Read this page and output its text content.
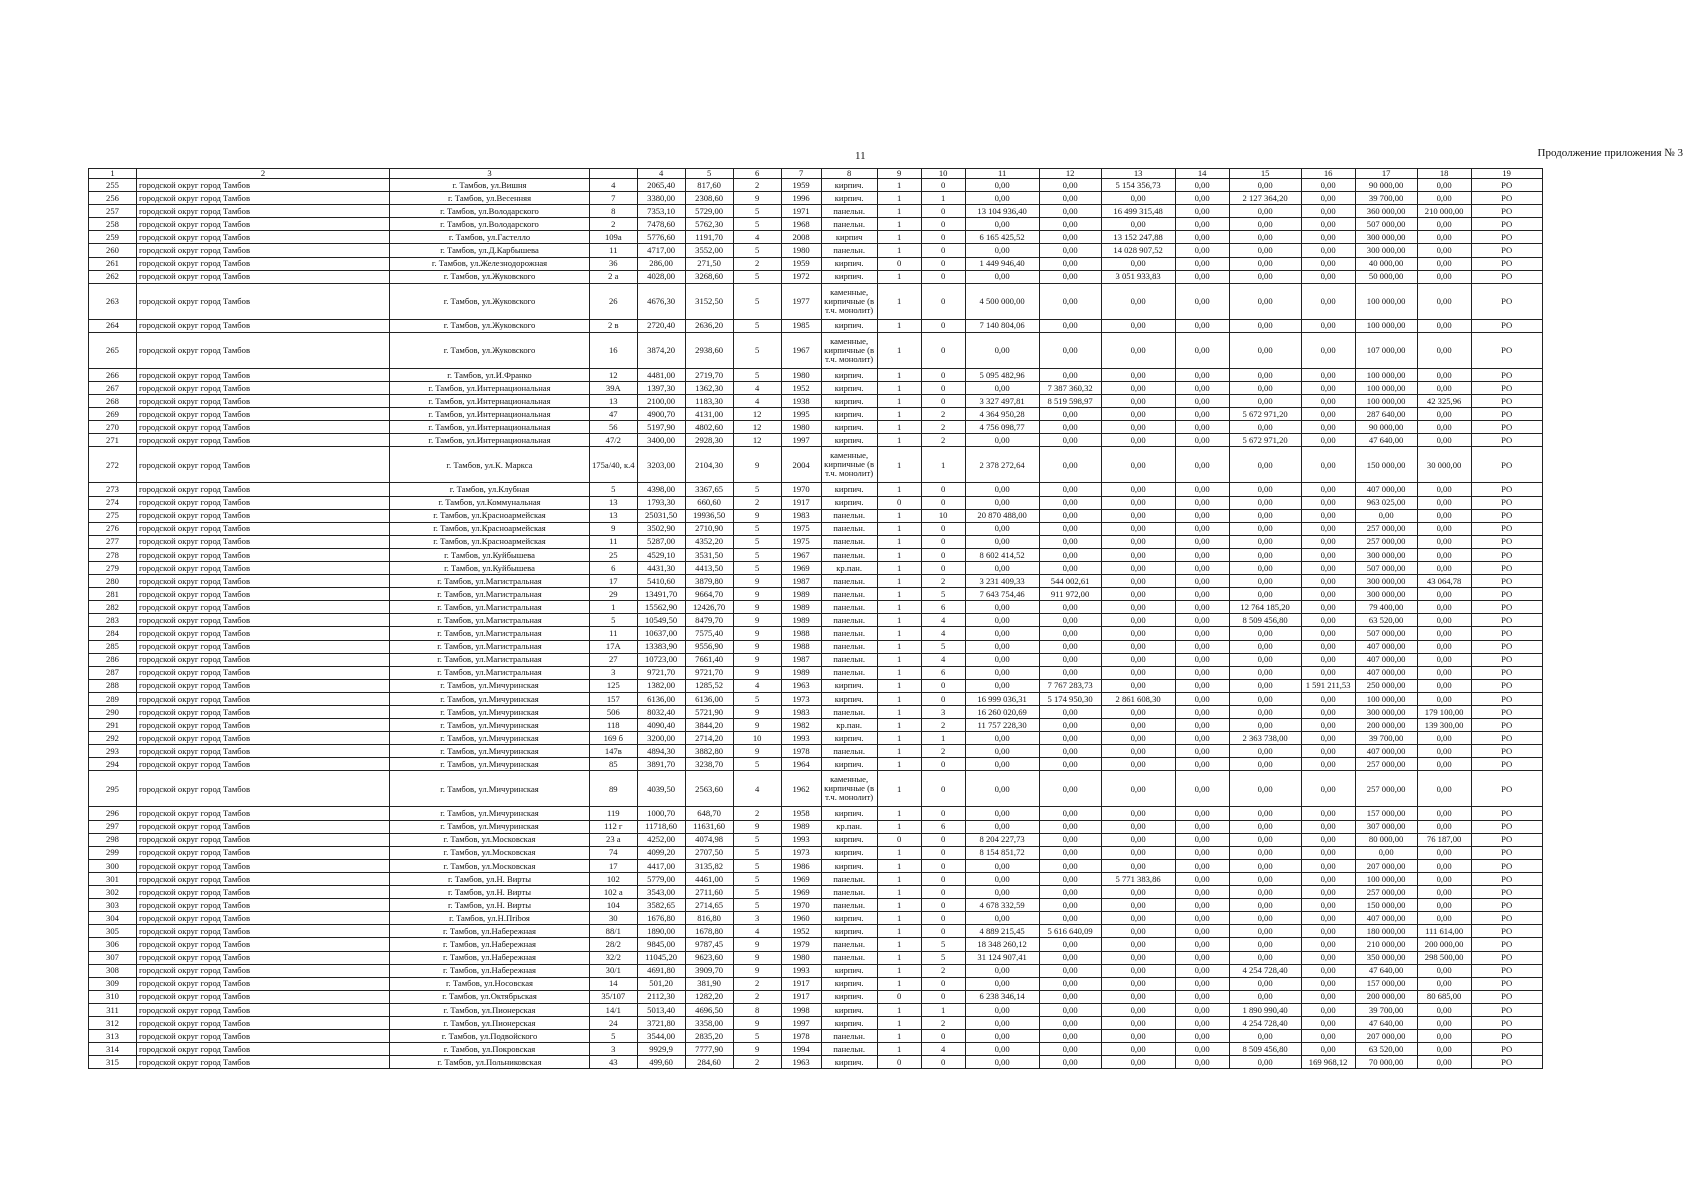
11	Продолжение приложения № 3
1	2	3		4	5	6	7	8	9	10	11	12	13	14	15	16	17	18	19
255	городской округ город Тамбов	г. Тамбов, ул.Вишня	4	2065,40	817,60	2	1959	кирпич.	1	0	0,00	0,00	5 154 356,73	0,00	0,00	0,00	90 000,00	0,00	РО
256	городской округ город Тамбов	г. Тамбов, ул.Весенняя	7	3380,00	2308,60	9	1996	кирпич.	1	1	0,00	0,00	0,00	0,00	2 127 364,20	0,00	39 700,00	0,00	РО
257	городской округ город Тамбов	г. Тамбов, ул.Володарского	8	7353,10	5729,00	5	1971	панельн.	1	0	13 104 936,40	0,00	16 499 315,48	0,00	0,00	0,00	360 000,00	210 000,00	РО
258	городской округ город Тамбов	г. Тамбов, ул.Володарского	2	7478,60	5762,30	5	1968	панельн.	1	0	0,00	0,00	0,00	0,00	0,00	0,00	507 000,00	0,00	РО
259	городской округ город Тамбов	г. Тамбов, ул.Гастелло	109а	5776,60	1191,70	4	2008	кирпич	1	0	6 165 425,52	0,00	13 152 247,88	0,00	0,00	0,00	300 000,00	0,00	РО
260	городской округ город Тамбов	г. Тамбов, ул.Д.Карбышева	11	4717,00	3552,00	5	1980	панельн.	1	0	0,00	0,00	14 028 907,52	0,00	0,00	0,00	300 000,00	0,00	РО
261	городской округ город Тамбов	г. Тамбов, ул.Железнодорожная	36	286,00	271,50	2	1959	кирпич.	0	0	1 449 946,40	0,00	0,00	0,00	0,00	0,00	40 000,00	0,00	РО
262	городской округ город Тамбов	г. Тамбов, ул.Жуковского	2 а	4028,00	3268,60	5	1972	кирпич.	1	0	0,00	0,00	3 051 933,83	0,00	0,00	0,00	50 000,00	0,00	РО
263	городской округ город Тамбов	г. Тамбов, ул.Жуковского	26	4676,30	3152,50	5	1977	каменные, кирпичные (в т.ч. монолит)	1	0	4 500 000,00	0,00	0,00	0,00	0,00	0,00	100 000,00	0,00	РО
264	городской округ город Тамбов	г. Тамбов, ул.Жуковского	2 в	2720,40	2636,20	5	1985	кирпич.	1	0	7 140 804,06	0,00	0,00	0,00	0,00	0,00	100 000,00	0,00	РО
265	городской округ город Тамбов	г. Тамбов, ул.Жуковского	16	3874,20	2938,60	5	1967	каменные, кирпичные (в т.ч. монолит)	1	0	0,00	0,00	0,00	0,00	0,00	0,00	107 000,00	0,00	РО
266	городской округ город Тамбов	г. Тамбов, ул.И.Франко	12	4481,00	2719,70	5	1980	кирпич.	1	0	5 095 482,96	0,00	0,00	0,00	0,00	0,00	100 000,00	0,00	РО
267	городской округ город Тамбов	г. Тамбов, ул.Интернациональная	39А	1397,30	1362,30	4	1952	кирпич.	1	0	0,00	7 387 360,32	0,00	0,00	0,00	0,00	100 000,00	0,00	РО
268	городской округ город Тамбов	г. Тамбов, ул.Интернациональная	13	2100,00	1183,30	4	1938	кирпич.	1	0	3 327 497,81	8 519 598,97	0,00	0,00	0,00	0,00	100 000,00	42 325,96	РО
269	городской округ город Тамбов	г. Тамбов, ул.Интернациональная	47	4900,70	4131,00	12	1995	кирпич.	1	2	4 364 950,28	0,00	0,00	0,00	5 672 971,20	0,00	287 640,00	0,00	РО
270	городской округ город Тамбов	г. Тамбов, ул.Интернациональная	56	5197,90	4802,60	12	1980	кирпич.	1	2	4 756 098,77	0,00	0,00	0,00	0,00	0,00	90 000,00	0,00	РО
271	городской округ город Тамбов	г. Тамбов, ул.Интернациональная	47/2	3400,00	2928,30	12	1997	кирпич.	1	2	0,00	0,00	0,00	0,00	5 672 971,20	0,00	47 640,00	0,00	РО
272	городской округ город Тамбов	г. Тамбов, ул.К. Маркса	175а/40, к.4	3203,00	2104,30	9	2004	каменные, кирпичные (в т.ч. монолит)	1	1	2 378 272,64	0,00	0,00	0,00	0,00	0,00	150 000,00	30 000,00	РО
273	городской округ город Тамбов	г. Тамбов, ул.Клубная	5	4398,00	3367,65	5	1970	кирпич.	1	0	0,00	0,00	0,00	0,00	0,00	0,00	407 000,00	0,00	РО
274	городской округ город Тамбов	г. Тамбов, ул.Коммунальная	13	1793,30	660,60	2	1917	кирпич.	0	0	0,00	0,00	0,00	0,00	0,00	0,00	963 025,00	0,00	РО
275	городской округ город Тамбов	г. Тамбов, ул.Красноармейская	13	25031,50	19936,50	9	1983	панельн.	1	10	20 870 488,00	0,00	0,00	0,00	0,00	0,00	0,00	0,00	РО
276	городской округ город Тамбов	г. Тамбов, ул.Красноармейская	9	3502,90	2710,90	5	1975	панельн.	1	0	0,00	0,00	0,00	0,00	0,00	0,00	257 000,00	0,00	РО
277	городской округ город Тамбов	г. Тамбов, ул.Красноармейская	11	5287,00	4352,20	5	1975	панельн.	1	0	0,00	0,00	0,00	0,00	0,00	0,00	257 000,00	0,00	РО
278	городской округ город Тамбов	г. Тамбов, ул.Куйбышева	25	4529,10	3531,50	5	1967	панельн.	1	0	8 602 414,52	0,00	0,00	0,00	0,00	0,00	300 000,00	0,00	РО
279	городской округ город Тамбов	г. Тамбов, ул.Куйбышева	6	4431,30	4413,50	5	1969	кр.пан.	1	0	0,00	0,00	0,00	0,00	0,00	0,00	507 000,00	0,00	РО
280	городской округ город Тамбов	г. Тамбов, ул.Магистральная	17	5410,60	3879,80	9	1987	панельн.	1	2	3 231 409,33	544 002,61	0,00	0,00	0,00	0,00	300 000,00	43 064,78	РО
281	городской округ город Тамбов	г. Тамбов, ул.Магистральная	29	13491,70	9664,70	9	1989	панельн.	1	5	7 643 754,46	911 972,00	0,00	0,00	0,00	0,00	300 000,00	0,00	РО
282	городской округ город Тамбов	г. Тамбов, ул.Магистральная	1	15562,90	12426,70	9	1989	панельн.	1	6	0,00	0,00	0,00	0,00	12 764 185,20	0,00	79 400,00	0,00	РО
283	городской округ город Тамбов	г. Тамбов, ул.Магистральная	5	10549,50	8479,70	9	1989	панельн.	1	4	0,00	0,00	0,00	0,00	8 509 456,80	0,00	63 520,00	0,00	РО
284	городской округ город Тамбов	г. Тамбов, ул.Магистральная	11	10637,00	7575,40	9	1988	панельн.	1	4	0,00	0,00	0,00	0,00	0,00	0,00	507 000,00	0,00	РО
285	городской округ город Тамбов	г. Тамбов, ул.Магистральная	17А	13383,90	9556,90	9	1988	панельн.	1	5	0,00	0,00	0,00	0,00	0,00	0,00	407 000,00	0,00	РО
286	городской округ город Тамбов	г. Тамбов, ул.Магистральная	27	10723,00	7661,40	9	1987	панельн.	1	4	0,00	0,00	0,00	0,00	0,00	0,00	407 000,00	0,00	РО
287	городской округ город Тамбов	г. Тамбов, ул.Магистральная	3	9721,70	9721,70	9	1989	панельн.	1	6	0,00	0,00	0,00	0,00	0,00	0,00	407 000,00	0,00	РО
288	городской округ город Тамбов	г. Тамбов, ул.Мичуринская	125	1382,00	1285,52	4	1963	кирпич.	1	0	0,00	7 767 283,73	0,00	0,00	0,00	1 591 211,53	250 000,00	0,00	РО
289	городской округ город Тамбов	г. Тамбов, ул.Мичуринская	157	6136,00	6136,00	5	1973	кирпич.	1	0	16 999 036,31	5 174 950,30	2 861 608,30	0,00	0,00	0,00	100 000,00	0,00	РО
290	городской округ город Тамбов	г. Тамбов, ул.Мичуринская	506	8032,40	5721,90	9	1983	панельн.	1	3	16 260 020,69	0,00	0,00	0,00	0,00	0,00	300 000,00	179 100,00	РО
291	городской округ город Тамбов	г. Тамбов, ул.Мичуринская	118	4090,40	3844,20	9	1982	кр.пан.	1	2	11 757 228,30	0,00	0,00	0,00	0,00	0,00	200 000,00	139 300,00	РО
292	городской округ город Тамбов	г. Тамбов, ул.Мичуринская	169 б	3200,00	2714,20	10	1993	кирпич.	1	1	0,00	0,00	0,00	0,00	2 363 738,00	0,00	39 700,00	0,00	РО
293	городской округ город Тамбов	г. Тамбов, ул.Мичуринская	147в	4894,30	3882,80	9	1978	панельн.	1	2	0,00	0,00	0,00	0,00	0,00	0,00	407 000,00	0,00	РО
294	городской округ город Тамбов	г. Тамбов, ул.Мичуринская	85	3891,70	3238,70	5	1964	кирпич.	1	0	0,00	0,00	0,00	0,00	0,00	0,00	257 000,00	0,00	РО
295	городской округ город Тамбов	г. Тамбов, ул.Мичуринская	89	4039,50	2563,60	4	1962	каменные, кирпичные (в т.ч. монолит)	1	0	0,00	0,00	0,00	0,00	0,00	0,00	257 000,00	0,00	РО
296	городской округ город Тамбов	г. Тамбов, ул.Мичуринская	119	1000,70	648,70	2	1958	кирпич.	1	0	0,00	0,00	0,00	0,00	0,00	0,00	157 000,00	0,00	РО
297	городской округ город Тамбов	г. Тамбов, ул.Мичуринская	112 г	11718,60	11631,60	9	1989	кр.пан.	1	6	0,00	0,00	0,00	0,00	0,00	0,00	307 000,00	0,00	РО
298	городской округ город Тамбов	г. Тамбов, ул.Московская	23 а	4252,00	4074,98	5	1993	кирпич.	0	0	8 204 227,73	0,00	0,00	0,00	0,00	0,00	80 000,00	76 187,00	РО
299	городской округ город Тамбов	г. Тамбов, ул.Московская	74	4099,20	2707,50	5	1973	кирпич.	1	0	8 154 851,72	0,00	0,00	0,00	0,00	0,00	0,00	0,00	РО
300	городской округ город Тамбов	г. Тамбов, ул.Московская	17	4417,00	3135,82	5	1986	кирпич.	1	0	0,00	0,00	0,00	0,00	0,00	0,00	207 000,00	0,00	РО
301	городской округ город Тамбов	г. Тамбов, ул.Н. Вирты	102	5779,00	4461,00	5	1969	панельн.	1	0	0,00	0,00	5 771 383,86	0,00	0,00	0,00	100 000,00	0,00	РО
302	городской округ город Тамбов	г. Тамбов, ул.Н. Вирты	102 а	3543,00	2711,60	5	1969	панельн.	1	0	0,00	0,00	0,00	0,00	0,00	0,00	257 000,00	0,00	РО
303	городской округ город Тамбов	г. Тамбов, ул.Н. Вирты	104	3582,65	2714,65	5	1970	панельн.	1	0	4 678 332,59	0,00	0,00	0,00	0,00	0,00	150 000,00	0,00	РО
304	городской округ город Тамбов	г. Тамбов, ул.Н.Пribоя	30	1676,80	816,80	3	1960	кирпич.	1	0	0,00	0,00	0,00	0,00	0,00	0,00	407 000,00	0,00	РО
305	городской округ город Тамбов	г. Тамбов, ул.Набережная	88/1	1890,00	1678,80	4	1952	кирпич.	1	0	4 889 215,45	5 616 640,09	0,00	0,00	0,00	0,00	180 000,00	111 614,00	РО
306	городской округ город Тамбов	г. Тамбов, ул.Набережная	28/2	9845,00	9787,45	9	1979	панельн.	1	5	18 348 260,12	0,00	0,00	0,00	0,00	0,00	210 000,00	200 000,00	РО
307	городской округ город Тамбов	г. Тамбов, ул.Набережная	32/2	11045,20	9623,60	9	1980	панельн.	1	5	31 124 907,41	0,00	0,00	0,00	0,00	0,00	350 000,00	298 500,00	РО
308	городской округ город Тамбов	г. Тамбов, ул.Набережная	30/1	4691,80	3909,70	9	1993	кирпич.	1	2	0,00	0,00	0,00	0,00	4 254 728,40	0,00	47 640,00	0,00	РО
309	городской округ город Тамбов	г. Тамбов, ул.Носовская	14	501,20	381,90	2	1917	кирпич.	1	0	0,00	0,00	0,00	0,00	0,00	0,00	157 000,00	0,00	РО
310	городской округ город Тамбов	г. Тамбов, ул.Октябрьская	35/107	2112,30	1282,20	2	1917	кирпич.	0	0	6 238 346,14	0,00	0,00	0,00	0,00	0,00	200 000,00	80 685,00	РО
311	городской округ город Тамбов	г. Тамбов, ул.Пионерская	14/1	5013,40	4696,50	8	1998	кирпич.	1	1	0,00	0,00	0,00	0,00	1 890 990,40	0,00	39 700,00	0,00	РО
312	городской округ город Тамбов	г. Тамбов, ул.Пионерская	24	3721,80	3358,00	9	1997	кирпич.	1	2	0,00	0,00	0,00	0,00	4 254 728,40	0,00	47 640,00	0,00	РО
313	городской округ город Тамбов	г. Тамбов, ул.Подвойского	5	3544,00	2835,20	5	1978	панельн.	1	0	0,00	0,00	0,00	0,00	0,00	0,00	207 000,00	0,00	РО
314	городской округ город Тамбов	г. Тамбов, ул.Покровская	3	9929,9	7777,90	9	1994	панельн.	1	4	0,00	0,00	0,00	0,00	8 509 456,80	0,00	63 520,00	0,00	РО
315	городской округ город Тамбов	г. Тамбов, ул.Польниковская	43	499,60	284,60	2	1963	кирпич.	0	0	0,00	0,00	0,00	0,00	0,00	169 968,12	70 000,00	0,00	РО
